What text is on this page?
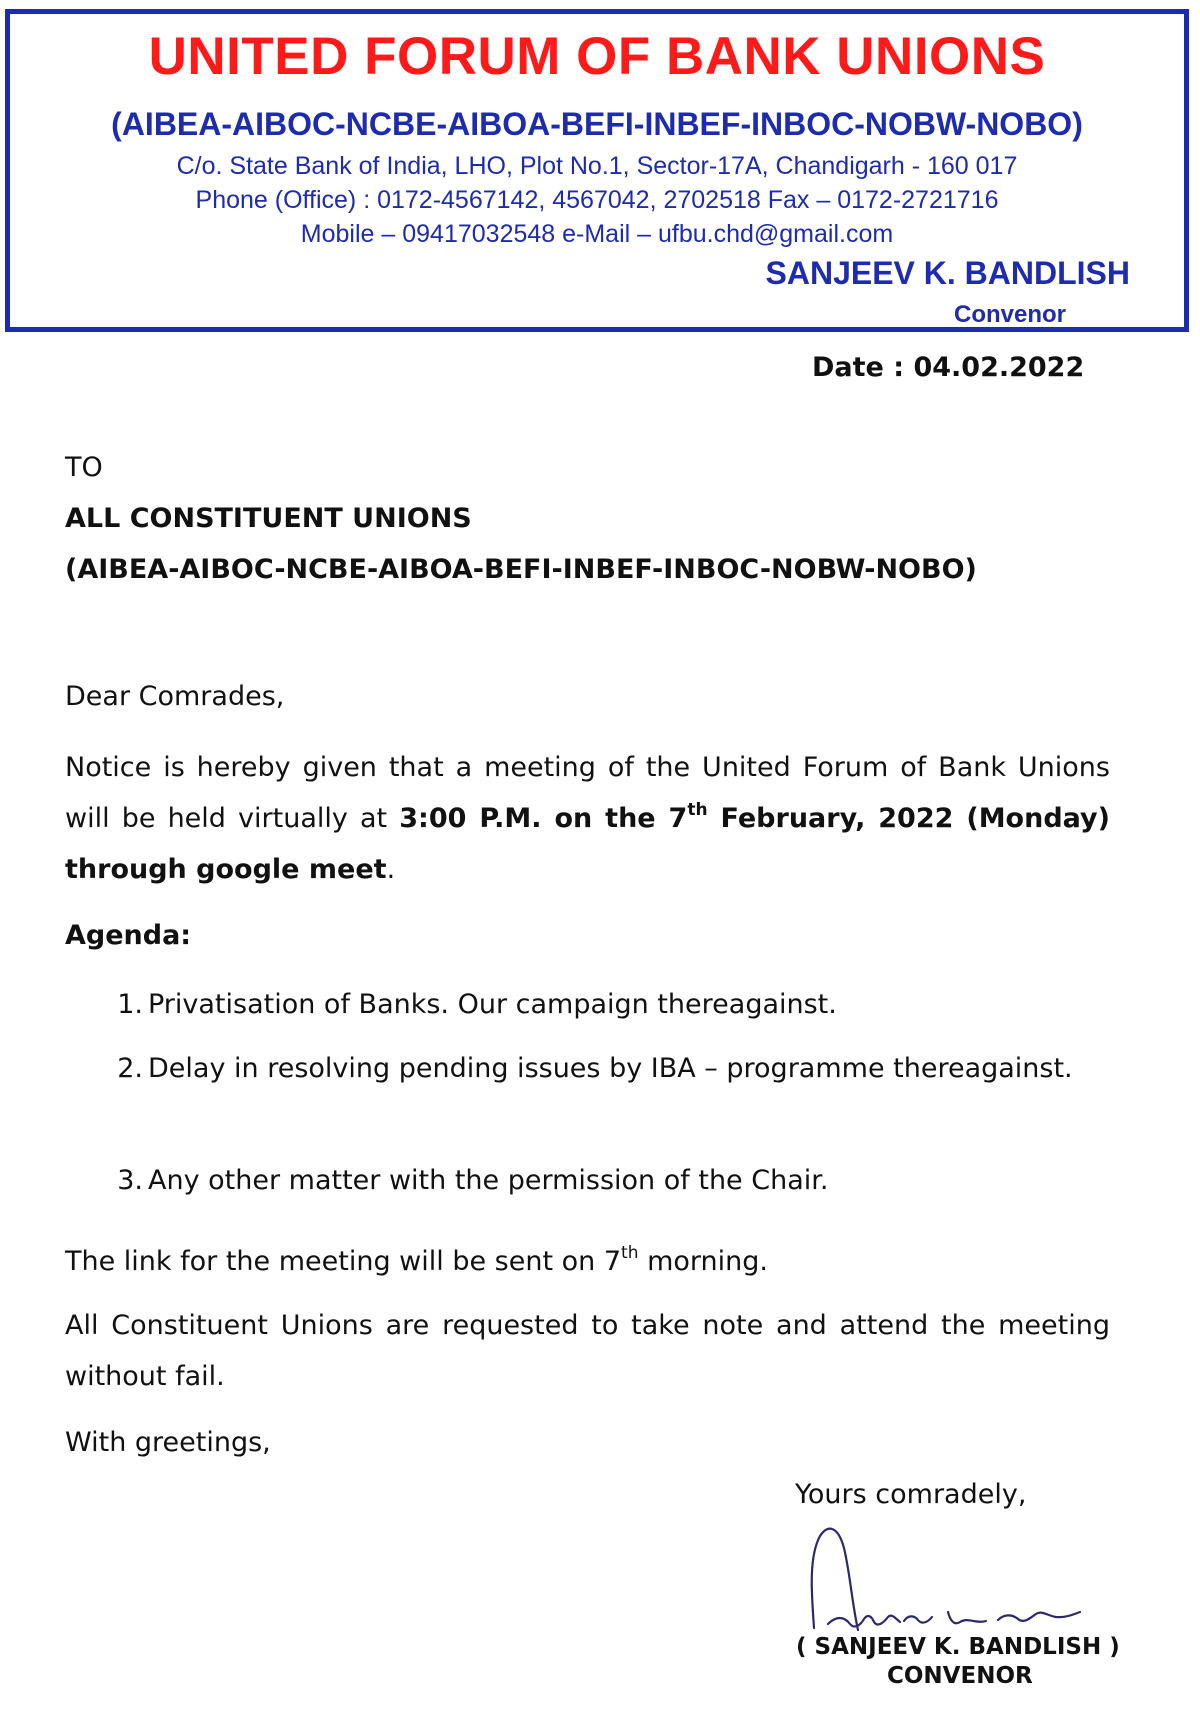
UNITED FORUM OF BANK UNIONS
(AIBEA-AIBOC-NCBE-AIBOA-BEFI-INBEF-INBOC-NOBW-NOBO)
C/o. State Bank of India, LHO, Plot No.1, Sector-17A, Chandigarh - 160 017
Phone (Office) : 0172-4567142, 4567042, 2702518 Fax – 0172-2721716
Mobile – 09417032548 e-Mail – ufbu.chd@gmail.com
SANJEEV K. BANDLISH
Convenor
Date : 04.02.2022
TO
ALL CONSTITUENT UNIONS
(AIBEA-AIBOC-NCBE-AIBOA-BEFI-INBEF-INBOC-NOBW-NOBO)
Dear Comrades,

Notice is hereby given that a meeting of the United Forum of Bank Unions will be held virtually at 3:00 P.M. on the 7th February, 2022 (Monday) through google meet.

Agenda:
1. Privatisation of Banks. Our campaign thereagainst.
2. Delay in resolving pending issues by IBA – programme thereagainst.
3. Any other matter with the permission of the Chair.

The link for the meeting will be sent on 7th morning.

All Constituent Unions are requested to take note and attend the meeting without fail.

With greetings,
Yours comradely,
( SANJEEV K. BANDLISH )
CONVENOR
